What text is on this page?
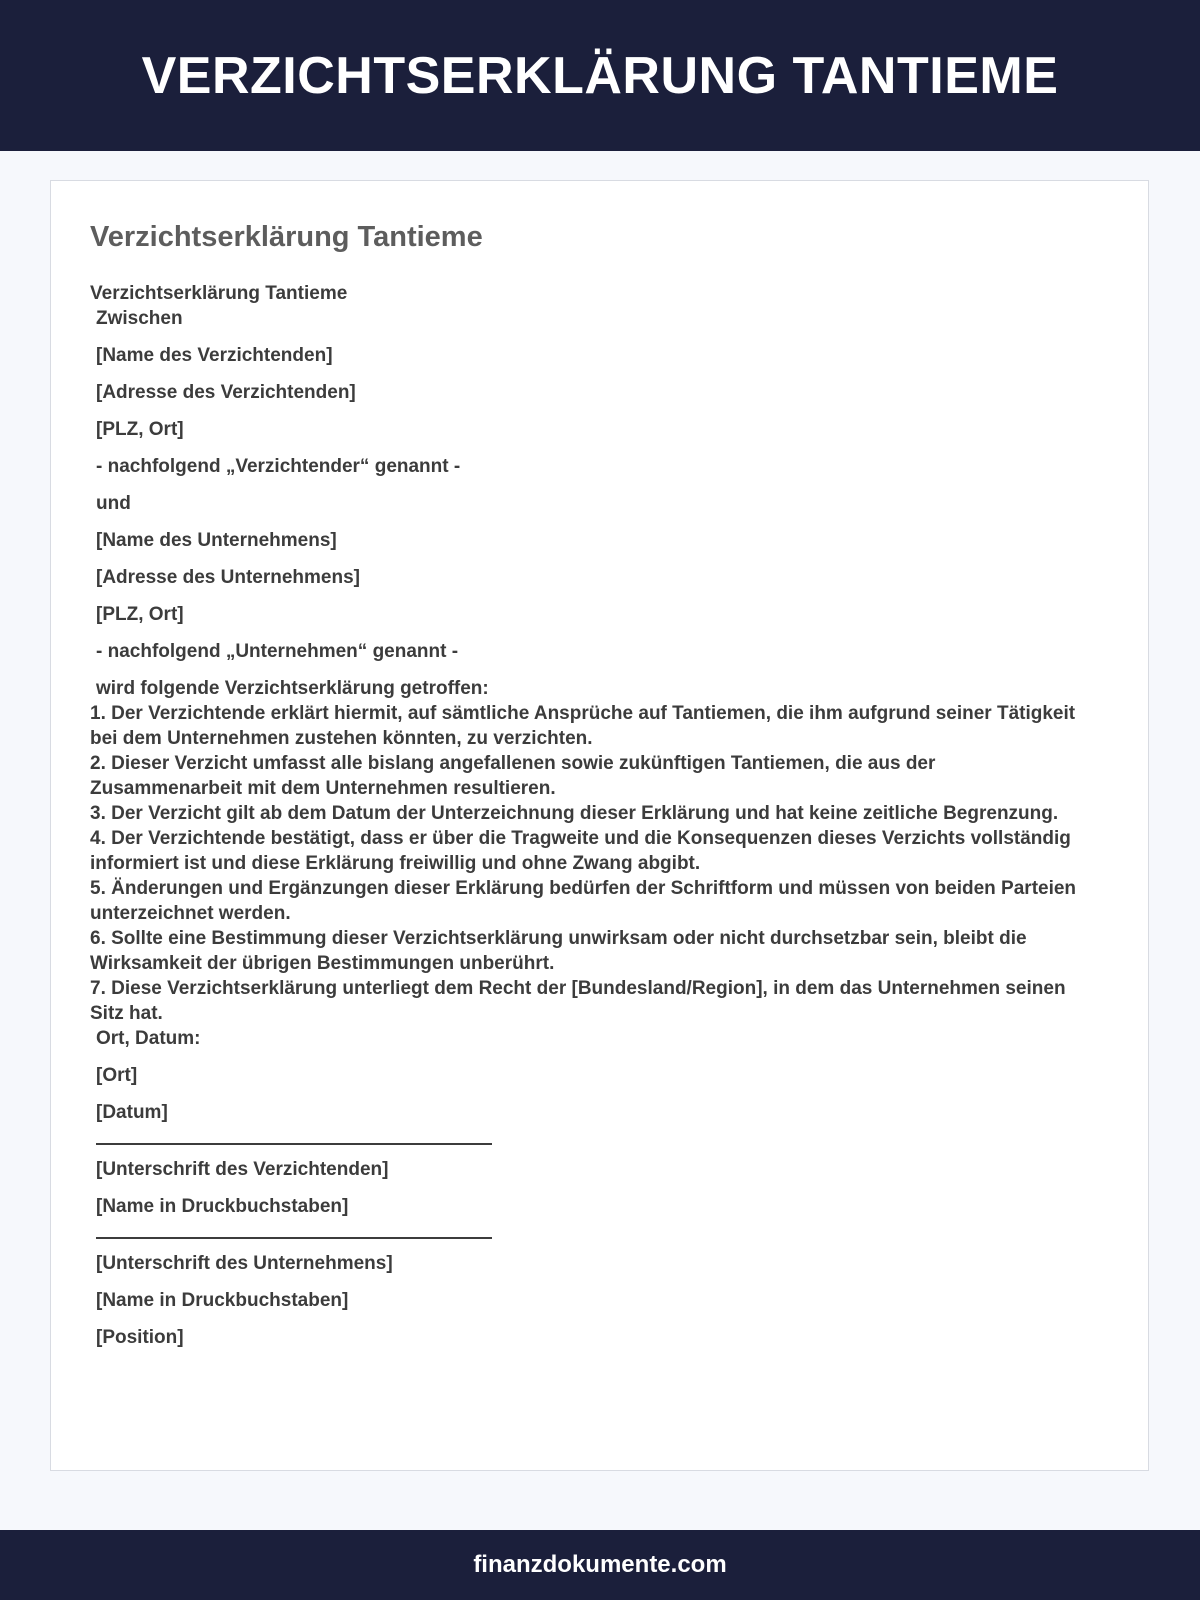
VERZICHTSERKLÄRUNG TANTIEME
Verzichtserklärung Tantieme
Verzichtserklärung Tantieme
Zwischen
[Name des Verzichtenden]
[Adresse des Verzichtenden]
[PLZ, Ort]
- nachfolgend „Verzichtender“ genannt -
und
[Name des Unternehmens]
[Adresse des Unternehmens]
[PLZ, Ort]
- nachfolgend „Unternehmen“ genannt -
wird folgende Verzichtserklärung getroffen:
1. Der Verzichtende erklärt hiermit, auf sämtliche Ansprüche auf Tantiemen, die ihm aufgrund seiner Tätigkeit bei dem Unternehmen zustehen könnten, zu verzichten.
2. Dieser Verzicht umfasst alle bislang angefallenen sowie zukünftigen Tantiemen, die aus der Zusammenarbeit mit dem Unternehmen resultieren.
3. Der Verzicht gilt ab dem Datum der Unterzeichnung dieser Erklärung und hat keine zeitliche Begrenzung.
4. Der Verzichtende bestätigt, dass er über die Tragweite und die Konsequenzen dieses Verzichts vollständig informiert ist und diese Erklärung freiwillig und ohne Zwang abgibt.
5. Änderungen und Ergänzungen dieser Erklärung bedürfen der Schriftform und müssen von beiden Parteien unterzeichnet werden.
6. Sollte eine Bestimmung dieser Verzichtserklärung unwirksam oder nicht durchsetzbar sein, bleibt die Wirksamkeit der übrigen Bestimmungen unberührt.
7. Diese Verzichtserklärung unterliegt dem Recht der [Bundesland/Region], in dem das Unternehmen seinen Sitz hat.
Ort, Datum:
[Ort]
[Datum]
[Unterschrift des Verzichtenden]
[Name in Druckbuchstaben]
[Unterschrift des Unternehmens]
[Name in Druckbuchstaben]
[Position]
finanzdokumente.com
